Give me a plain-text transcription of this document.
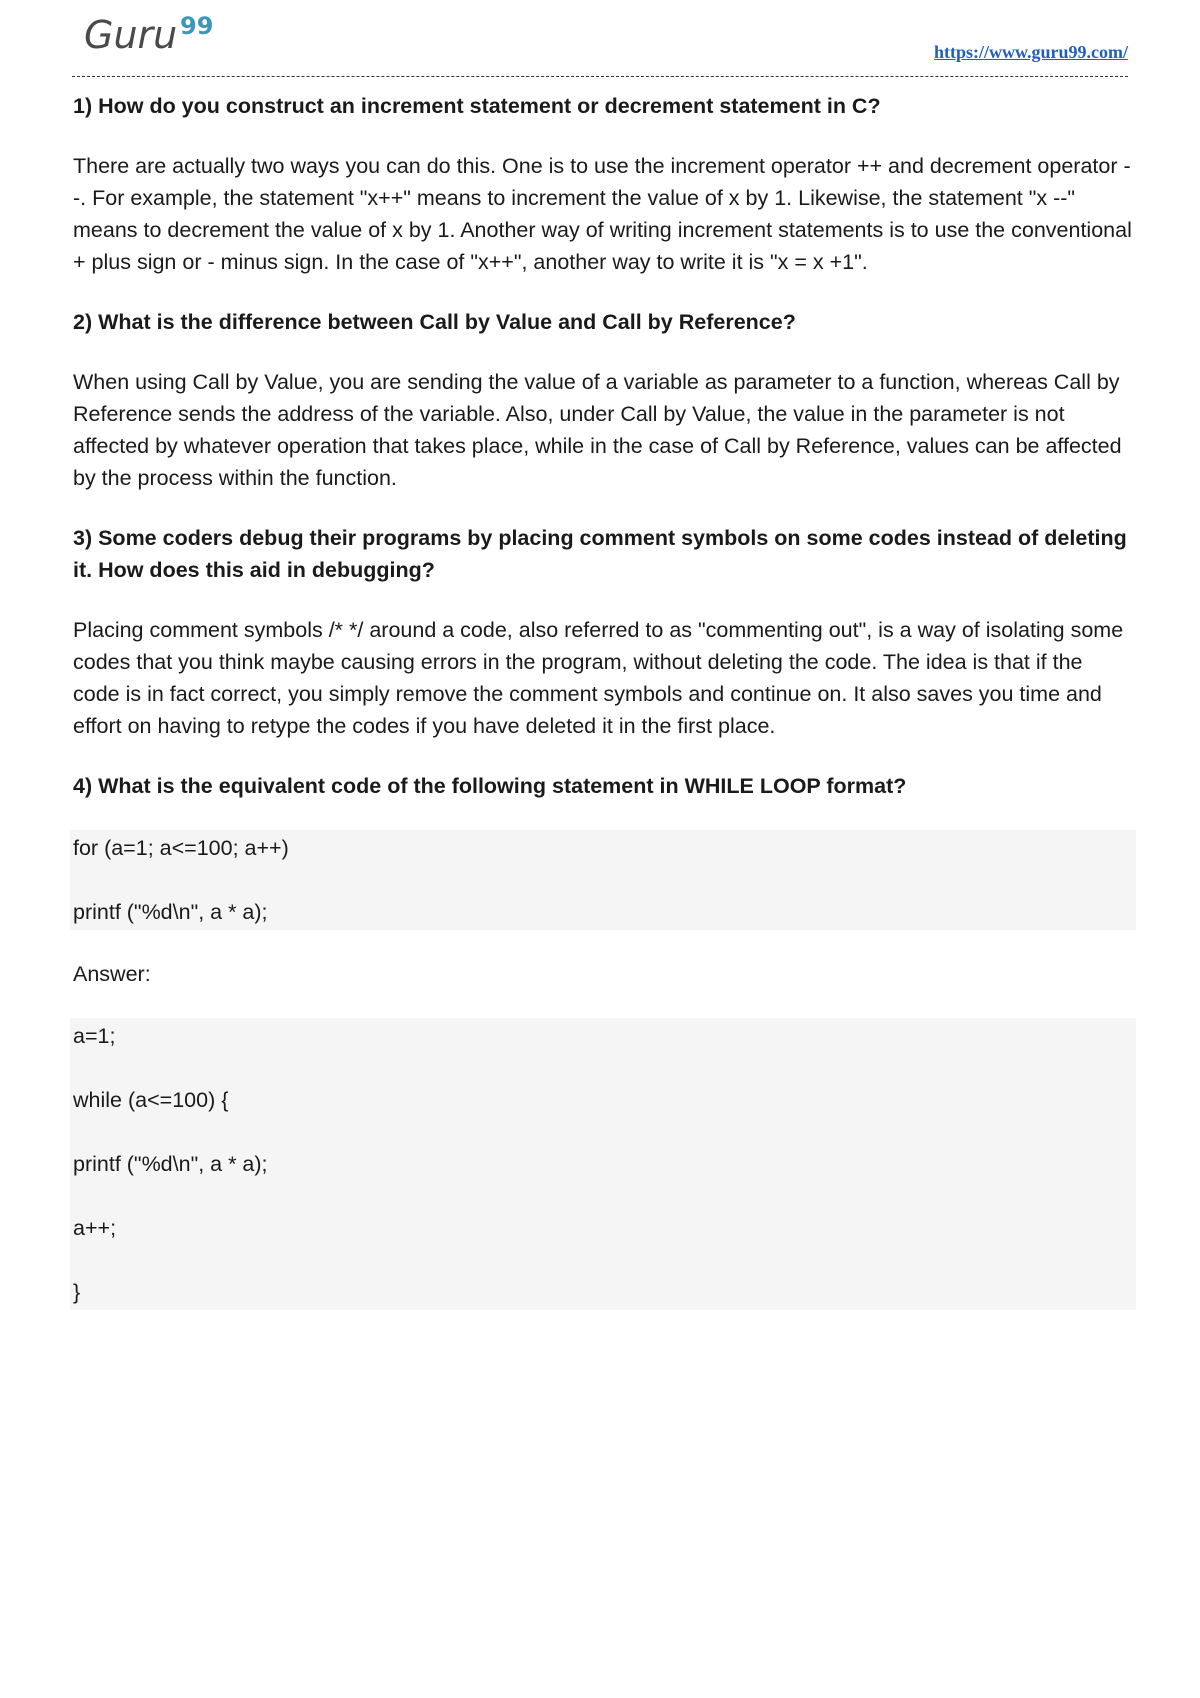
Guru 99
https://www.guru99.com/

1) How do you construct an increment statement or decrement statement in C?

There are actually two ways you can do this. One is to use the increment operator ++ and decrement operator --. For example, the statement "x++" means to increment the value of x by 1. Likewise, the statement "x --" means to decrement the value of x by 1. Another way of writing increment statements is to use the conventional + plus sign or - minus sign. In the case of "x++", another way to write it is "x = x +1".

2) What is the difference between Call by Value and Call by Reference?

When using Call by Value, you are sending the value of a variable as parameter to a function, whereas Call by Reference sends the address of the variable. Also, under Call by Value, the value in the parameter is not affected by whatever operation that takes place, while in the case of Call by Reference, values can be affected by the process within the function.

3) Some coders debug their programs by placing comment symbols on some codes instead of deleting it. How does this aid in debugging?

Placing comment symbols /* */ around a code, also referred to as "commenting out", is a way of isolating some codes that you think maybe causing errors in the program, without deleting the code. The idea is that if the code is in fact correct, you simply remove the comment symbols and continue on. It also saves you time and effort on having to retype the codes if you have deleted it in the first place.

4) What is the equivalent code of the following statement in WHILE LOOP format?

for (a=1; a<=100; a++)
printf ("%d\n", a * a);

Answer:

a=1;
while (a<=100) {
printf ("%d\n", a * a);
a++;
}
